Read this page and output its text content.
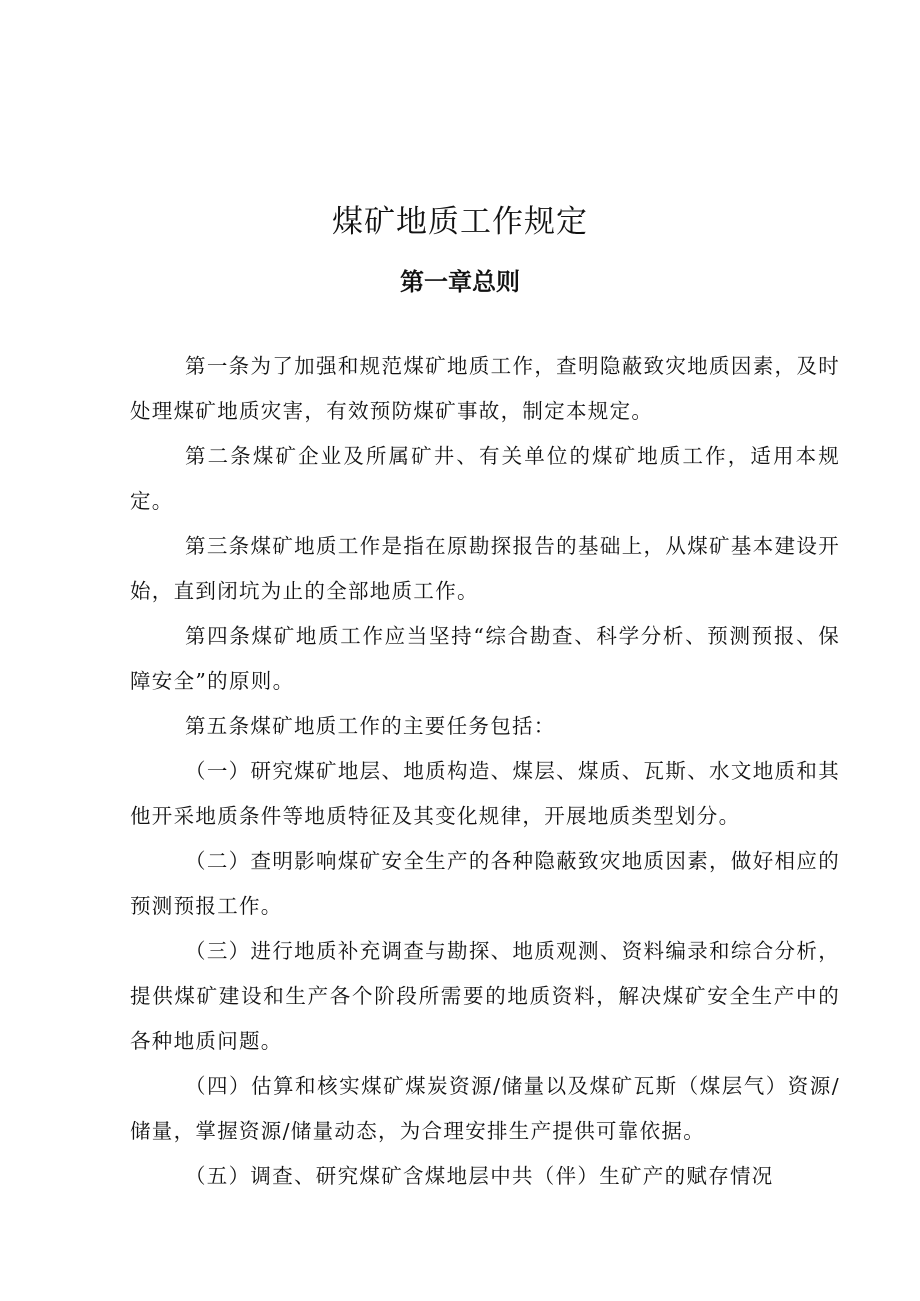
煤矿地质工作规定
第一章总则

第一条为了加强和规范煤矿地质工作，查明隐蔽致灾地质因素，及时处理煤矿地质灾害，有效预防煤矿事故，制定本规定。

第二条煤矿企业及所属矿井、有关单位的煤矿地质工作，适用本规定。

第三条煤矿地质工作是指在原勘探报告的基础上，从煤矿基本建设开始，直到闭坑为止的全部地质工作。

第四条煤矿地质工作应当坚持“综合勘查、科学分析、预测预报、保障安全”的原则。

第五条煤矿地质工作的主要任务包括：

（一）研究煤矿地层、地质构造、煤层、煤质、瓦斯、水文地质和其他开采地质条件等地质特征及其变化规律，开展地质类型划分。

（二）查明影响煤矿安全生产的各种隐蔽致灾地质因素，做好相应的预测预报工作。

（三）进行地质补充调查与勘探、地质观测、资料编录和综合分析，提供煤矿建设和生产各个阶段所需要的地质资料，解决煤矿安全生产中的各种地质问题。

（四）估算和核实煤矿煤炭资源/储量以及煤矿瓦斯（煤层气）资源/储量，掌握资源/储量动态，为合理安排生产提供可靠依据。

（五）调查、研究煤矿含煤地层中共（伴）生矿产的赋存情况
